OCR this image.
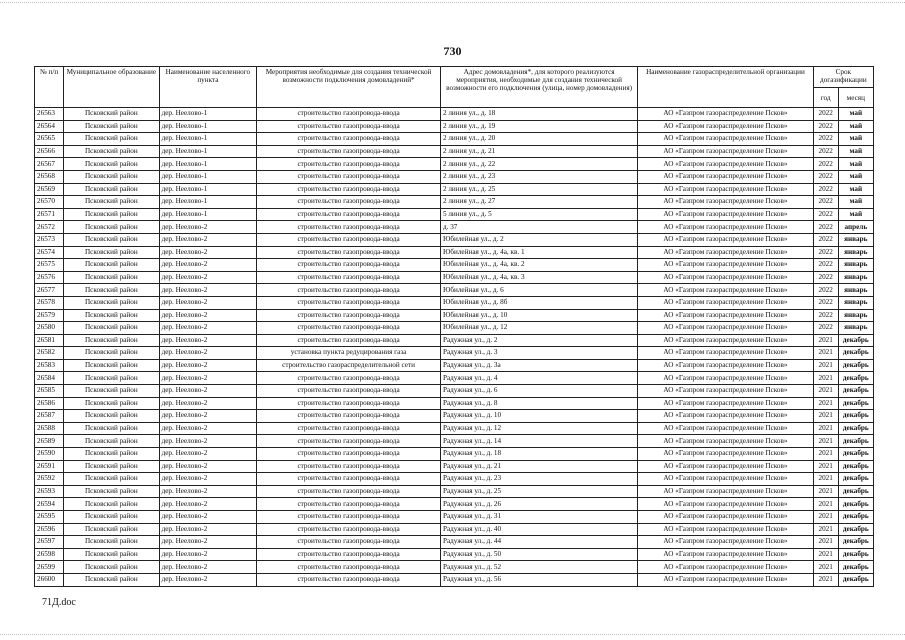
730
№ п/п	Муниципальное образование	Наименование населенного пункта	Мероприятия необходимые для создания технической возможности подключения домовладений*	Адрес домовладения*, для которого реализуются мероприятия, необходимые для создания технической возможности его подключения (улица, номер домовладения)	Наименование газораспределительной организации	Срок догазификации	
						год	месяц
26563	Псковский район	дер. Неелово-1	строительство газопровода-ввода	2 линия ул., д. 18	АО «Газпром газораспределение Псков»	2022	май
26564	Псковский район	дер. Неелово-1	строительство газопровода-ввода	2 линия ул., д. 19	АО «Газпром газораспределение Псков»	2022	май
26565	Псковский район	дер. Неелово-1	строительство газопровода-ввода	2 линия ул., д. 20	АО «Газпром газораспределение Псков»	2022	май
26566	Псковский район	дер. Неелово-1	строительство газопровода-ввода	2 линия ул., д. 21	АО «Газпром газораспределение Псков»	2022	май
26567	Псковский район	дер. Неелово-1	строительство газопровода-ввода	2 линия ул., д. 22	АО «Газпром газораспределение Псков»	2022	май
26568	Псковский район	дер. Неелово-1	строительство газопровода-ввода	2 линия ул., д. 23	АО «Газпром газораспределение Псков»	2022	май
26569	Псковский район	дер. Неелово-1	строительство газопровода-ввода	2 линия ул., д. 25	АО «Газпром газораспределение Псков»	2022	май
26570	Псковский район	дер. Неелово-1	строительство газопровода-ввода	2 линия ул., д. 27	АО «Газпром газораспределение Псков»	2022	май
26571	Псковский район	дер. Неелово-1	строительство газопровода-ввода	5 линия ул., д. 5	АО «Газпром газораспределение Псков»	2022	май
26572	Псковский район	дер. Неелово-2	строительство газопровода-ввода	д. 37	АО «Газпром газораспределение Псков»	2022	апрель
26573	Псковский район	дер. Неелово-2	строительство газопровода-ввода	Юбилейная ул., д. 2	АО «Газпром газораспределение Псков»	2022	январь
26574	Псковский район	дер. Неелово-2	строительство газопровода-ввода	Юбилейная ул., д. 4а, кв. 1	АО «Газпром газораспределение Псков»	2022	январь
26575	Псковский район	дер. Неелово-2	строительство газопровода-ввода	Юбилейная ул., д. 4а, кв. 2	АО «Газпром газораспределение Псков»	2022	январь
26576	Псковский район	дер. Неелово-2	строительство газопровода-ввода	Юбилейная ул., д. 4а, кв. 3	АО «Газпром газораспределение Псков»	2022	январь
26577	Псковский район	дер. Неелово-2	строительство газопровода-ввода	Юбилейная ул., д. 6	АО «Газпром газораспределение Псков»	2022	январь
26578	Псковский район	дер. Неелово-2	строительство газопровода-ввода	Юбилейная ул., д. 8б	АО «Газпром газораспределение Псков»	2022	январь
26579	Псковский район	дер. Неелово-2	строительство газопровода-ввода	Юбилейная ул., д. 10	АО «Газпром газораспределение Псков»	2022	январь
26580	Псковский район	дер. Неелово-2	строительство газопровода-ввода	Юбилейная ул., д. 12	АО «Газпром газораспределение Псков»	2022	январь
26581	Псковский район	дер. Неелово-2	строительство газопровода-ввода	Радужная ул., д. 2	АО «Газпром газораспределение Псков»	2021	декабрь
26582	Псковский район	дер. Неелово-2	установка пункта редуцирования газа	Радужная ул., д. 3	АО «Газпром газораспределение Псков»	2021	декабрь
26583	Псковский район	дер. Неелово-2	строительство газораспределительной сети	Радужная ул., д. 3а	АО «Газпром газораспределение Псков»	2021	декабрь
26584	Псковский район	дер. Неелово-2	строительство газопровода-ввода	Радужная ул., д. 4	АО «Газпром газораспределение Псков»	2021	декабрь
26585	Псковский район	дер. Неелово-2	строительство газопровода-ввода	Радужная ул., д. 6	АО «Газпром газораспределение Псков»	2021	декабрь
26586	Псковский район	дер. Неелово-2	строительство газопровода-ввода	Радужная ул., д. 8	АО «Газпром газораспределение Псков»	2021	декабрь
26587	Псковский район	дер. Неелово-2	строительство газопровода-ввода	Радужная ул., д. 10	АО «Газпром газораспределение Псков»	2021	декабрь
26588	Псковский район	дер. Неелово-2	строительство газопровода-ввода	Радужная ул., д. 12	АО «Газпром газораспределение Псков»	2021	декабрь
26589	Псковский район	дер. Неелово-2	строительство газопровода-ввода	Радужная ул., д. 14	АО «Газпром газораспределение Псков»	2021	декабрь
26590	Псковский район	дер. Неелово-2	строительство газопровода-ввода	Радужная ул., д. 18	АО «Газпром газораспределение Псков»	2021	декабрь
26591	Псковский район	дер. Неелово-2	строительство газопровода-ввода	Радужная ул., д. 21	АО «Газпром газораспределение Псков»	2021	декабрь
26592	Псковский район	дер. Неелово-2	строительство газопровода-ввода	Радужная ул., д. 23	АО «Газпром газораспределение Псков»	2021	декабрь
26593	Псковский район	дер. Неелово-2	строительство газопровода-ввода	Радужная ул., д. 25	АО «Газпром газораспределение Псков»	2021	декабрь
26594	Псковский район	дер. Неелово-2	строительство газопровода-ввода	Радужная ул., д. 26	АО «Газпром газораспределение Псков»	2021	декабрь
26595	Псковский район	дер. Неелово-2	строительство газопровода-ввода	Радужная ул., д. 31	АО «Газпром газораспределение Псков»	2021	декабрь
26596	Псковский район	дер. Неелово-2	строительство газопровода-ввода	Радужная ул., д. 40	АО «Газпром газораспределение Псков»	2021	декабрь
26597	Псковский район	дер. Неелово-2	строительство газопровода-ввода	Радужная ул., д. 44	АО «Газпром газораспределение Псков»	2021	декабрь
26598	Псковский район	дер. Неелово-2	строительство газопровода-ввода	Радужная ул., д. 50	АО «Газпром газораспределение Псков»	2021	декабрь
26599	Псковский район	дер. Неелово-2	строительство газопровода-ввода	Радужная ул., д. 52	АО «Газпром газораспределение Псков»	2021	декабрь
26600	Псковский район	дер. Неелово-2	строительство газопровода-ввода	Радужная ул., д. 56	АО «Газпром газораспределение Псков»	2021	декабрь
71Д.doc
